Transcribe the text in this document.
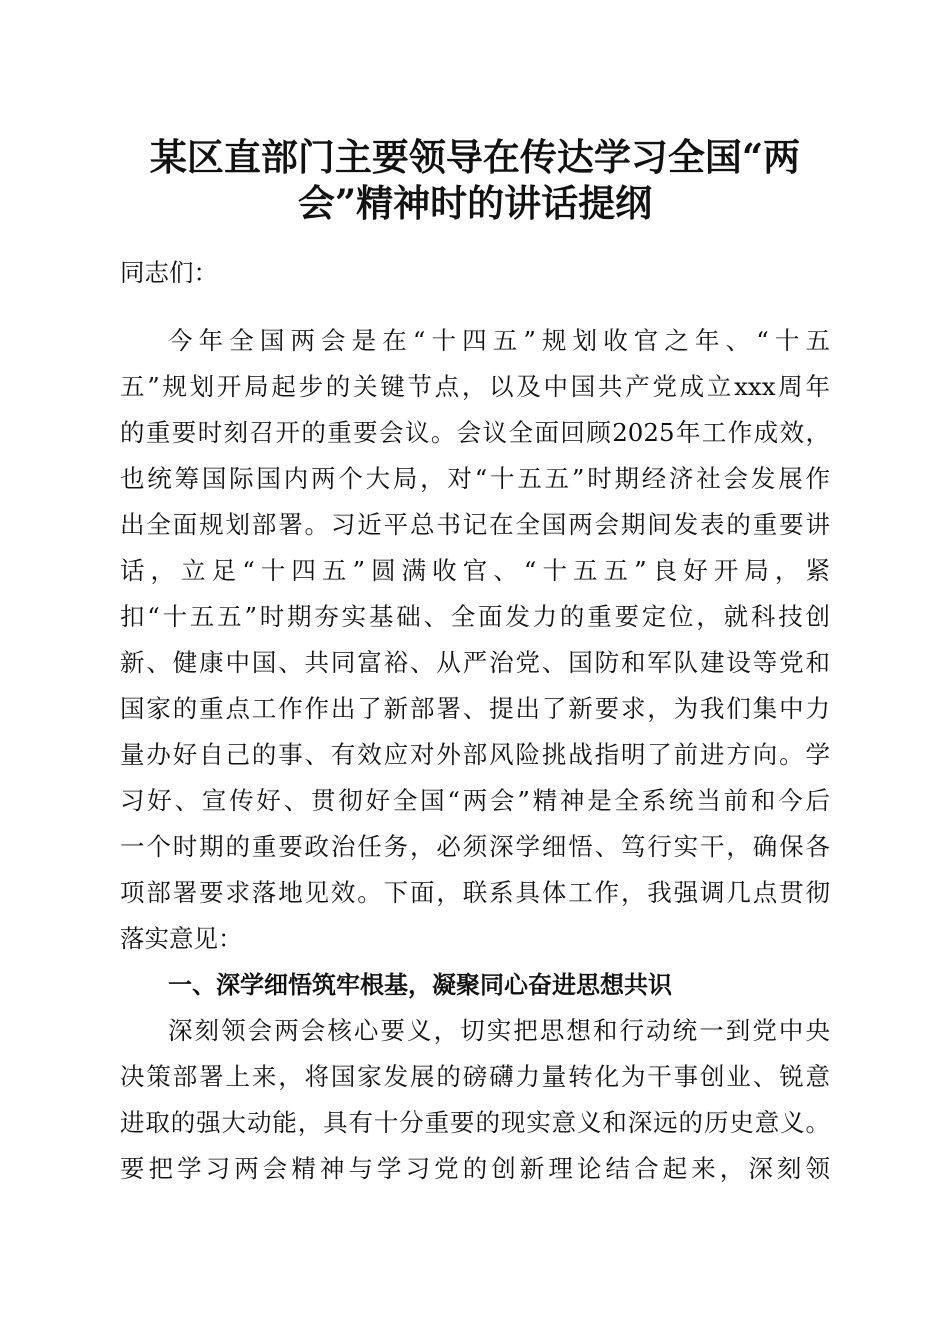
某区直部门主要领导在传达学习全国“两
会”精神时的讲话提纲

同志们：

今年全国两会是在“十四五”规划收官之年、“十五

五”规划开局起步的关键节点，以及中国共产党成立xxx周年

的重要时刻召开的重要会议。会议全面回顾2025年工作成效，

也统筹国际国内两个大局，对“十五五”时期经济社会发展作

出全面规划部署。习近平总书记在全国两会期间发表的重要讲

话，立足“十四五”圆满收官、“十五五”良好开局，紧

扣“十五五”时期夯实基础、全面发力的重要定位，就科技创

新、健康中国、共同富裕、从严治党、国防和军队建设等党和

国家的重点工作作出了新部署、提出了新要求，为我们集中力

量办好自己的事、有效应对外部风险挑战指明了前进方向。学

习好、宣传好、贯彻好全国“两会”精神是全系统当前和今后

一个时期的重要政治任务，必须深学细悟、笃行实干，确保各

项部署要求落地见效。下面，联系具体工作，我强调几点贯彻

落实意见：

一、深学细悟筑牢根基，凝聚同心奋进思想共识

深刻领会两会核心要义，切实把思想和行动统一到党中央

决策部署上来，将国家发展的磅礴力量转化为干事创业、锐意

进取的强大动能，具有十分重要的现实意义和深远的历史意义。

要把学习两会精神与学习党的创新理论结合起来，深刻领
